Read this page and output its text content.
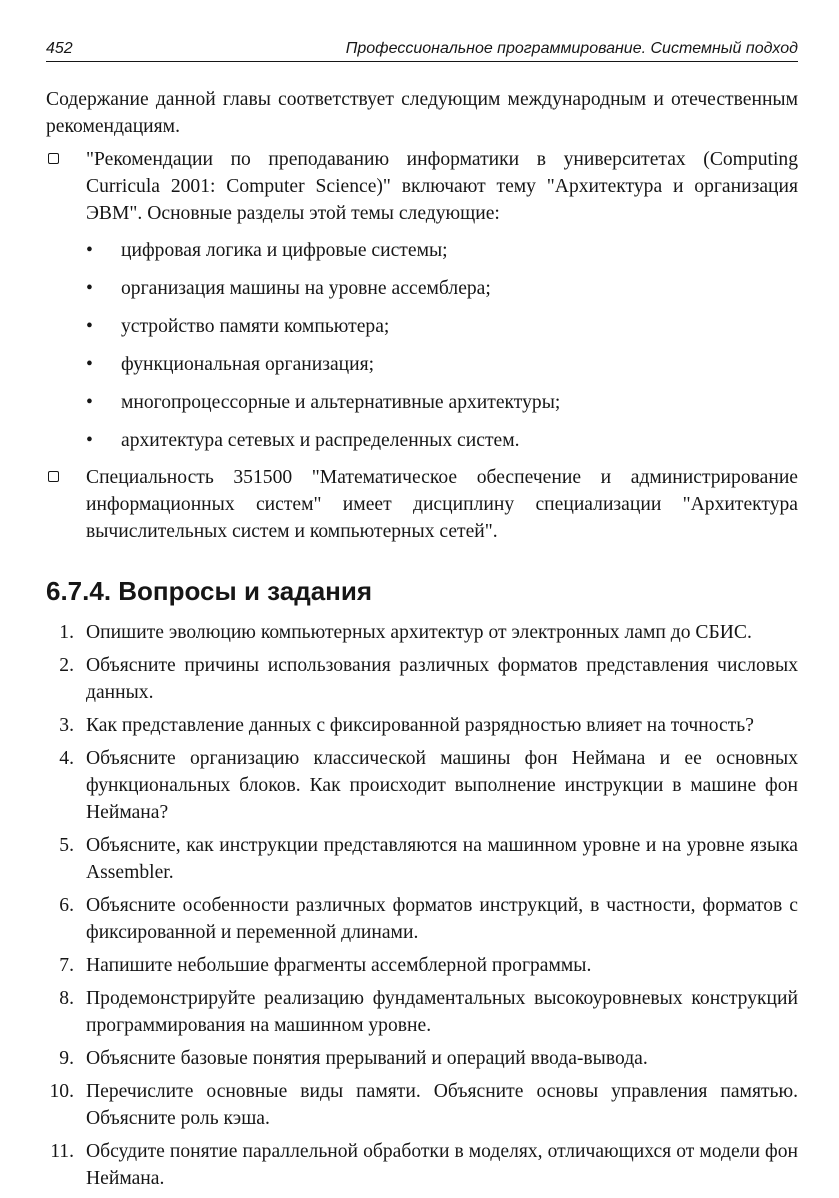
452	Профессиональное программирование. Системный подход

Содержание данной главы соответствует следующим международным и отечественным рекомендациям.

"Рекомендации по преподаванию информатики в университетах (Computing Curricula 2001: Computer Science)" включают тему "Архитектура и организация ЭВМ". Основные разделы этой темы следующие:

• цифровая логика и цифровые системы;
• организация машины на уровне ассемблера;
• устройство памяти компьютера;
• функциональная организация;
• многопроцессорные и альтернативные архитектуры;
• архитектура сетевых и распределенных систем.

Специальность 351500 "Математическое обеспечение и администрирование информационных систем" имеет дисциплину специализации "Архитектура вычислительных систем и компьютерных сетей".

6.7.4. Вопросы и задания
1. Опишите эволюцию компьютерных архитектур от электронных ламп до СБИС.

2. Объясните причины использования различных форматов представления числовых данных.

3. Как представление данных с фиксированной разрядностью влияет на точность?

4. Объясните организацию классической машины фон Неймана и ее основных функциональных блоков. Как происходит выполнение инструкции в машине фон Неймана?

5. Объясните, как инструкции представляются на машинном уровне и на уровне языка Assembler.

6. Объясните особенности различных форматов инструкций, в частности, форматов с фиксированной и переменной длинами.

7. Напишите небольшие фрагменты ассемблерной программы.

8. Продемонстрируйте реализацию фундаментальных высокоуровневых конструкций программирования на машинном уровне.

9. Объясните базовые понятия прерываний и операций ввода-вывода.

10. Перечислите основные виды памяти. Объясните основы управления памятью. Объясните роль кэша.

11. Обсудите понятие параллельной обработки в моделях, отличающихся от модели фон Неймана.
